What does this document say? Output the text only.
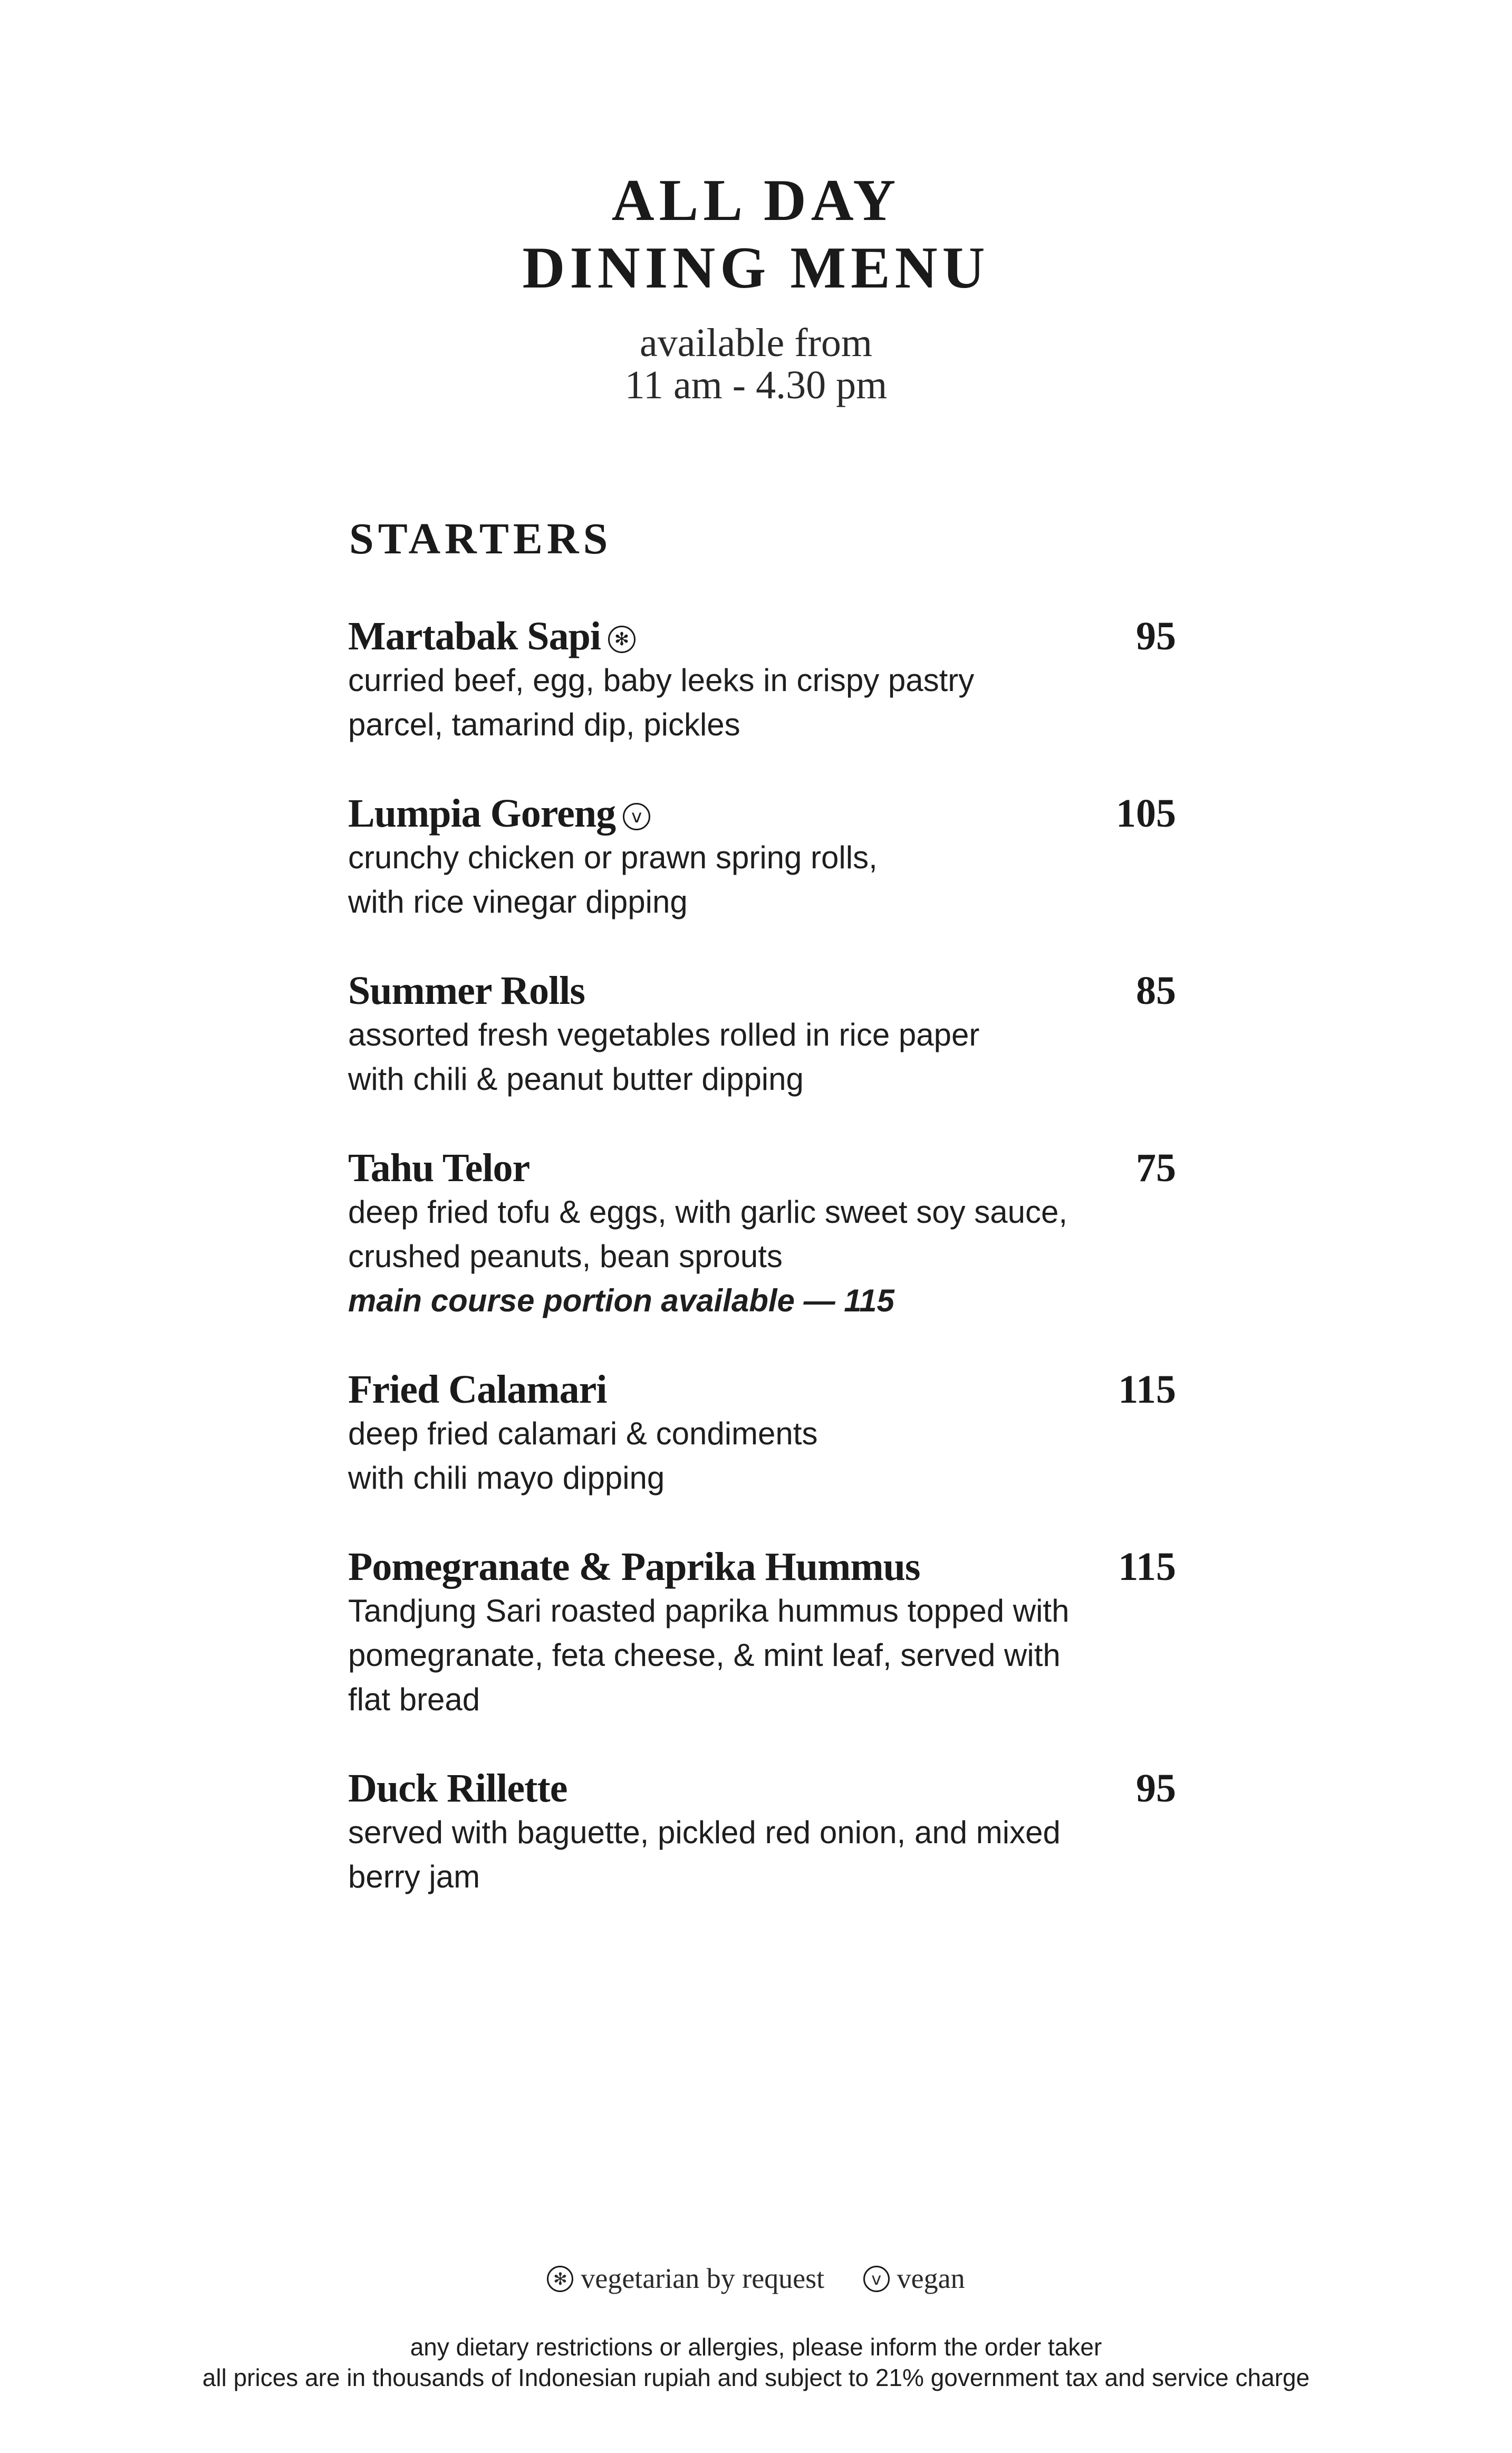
ALL DAY
DINING MENU
available from
11 am - 4.30 pm
STARTERS
Martabak Sapi ✻	95
curried beef, egg, baby leeks in crispy pastry
parcel, tamarind dip, pickles
Lumpia Goreng v	105
crunchy chicken or prawn spring rolls,
with rice vinegar dipping
Summer Rolls	85
assorted fresh vegetables rolled in rice paper
with chili & peanut butter dipping
Tahu Telor	75
deep fried tofu & eggs, with garlic sweet soy sauce,
crushed peanuts, bean sprouts
main course portion available — 115
Fried Calamari	115
deep fried calamari & condiments
with chili mayo dipping
Pomegranate & Paprika Hummus	115
Tandjung Sari roasted paprika hummus topped with
pomegranate, feta cheese, & mint leaf, served with
flat bread
Duck Rillette	95
served with baguette, pickled red onion, and mixed
berry jam
✻ vegetarian by request	v vegan
any dietary restrictions or allergies, please inform the order taker
all prices are in thousands of Indonesian rupiah and subject to 21% government tax and service charge
